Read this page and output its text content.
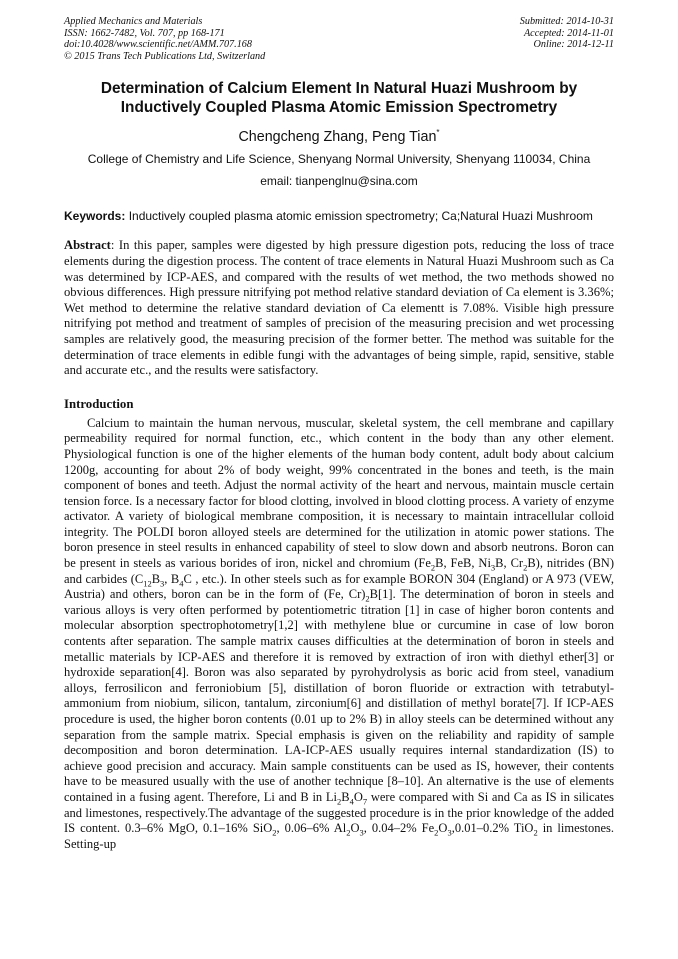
Applied Mechanics and Materials
ISSN: 1662-7482, Vol. 707, pp 168-171
doi:10.4028/www.scientific.net/AMM.707.168
© 2015 Trans Tech Publications Ltd, Switzerland
Submitted: 2014-10-31
Accepted: 2014-11-01
Online: 2014-12-11
Determination of Calcium Element In Natural Huazi Mushroom by
Inductively Coupled Plasma Atomic Emission Spectrometry
Chengcheng Zhang, Peng Tian*
College of Chemistry and Life Science, Shenyang Normal University, Shenyang 110034, China
email: tianpenglnu@sina.com
Keywords: Inductively coupled plasma atomic emission spectrometry; Ca;Natural Huazi Mushroom
Abstract: In this paper, samples were digested by high pressure digestion pots, reducing the loss of trace elements during the digestion process. The content of trace elements in Natural Huazi Mushroom such as Ca was determined by ICP-AES, and compared with the results of wet method, the two methods showed no obvious differences. High pressure nitrifying pot method relative standard deviation of Ca element is 3.36%; Wet method to determine the relative standard deviation of Ca elementt is 7.08%. Visible high pressure nitrifying pot method and treatment of samples of precision of the measuring precision and wet processing samples are relatively good, the measuring precision of the former better. The method was suitable for the determination of trace elements in edible fungi with the advantages of being simple, rapid, sensitive, stable and accurate etc., and the results were satisfactory.
Introduction
Calcium to maintain the human nervous, muscular, skeletal system, the cell membrane and capillary permeability required for normal function, etc., which content in the body than any other element. Physiological function is one of the higher elements of the human body content, adult body about calcium 1200g, accounting for about 2% of body weight, 99% concentrated in the bones and teeth, is the main component of bones and teeth. Adjust the normal activity of the heart and nervous, maintain muscle certain tension force. Is a necessary factor for blood clotting, involved in blood clotting process. A variety of enzyme activator. A variety of biological membrane composition, it is necessary to maintain intracellular colloid integrity. The POLDI boron alloyed steels are determined for the utilization in atomic power stations. The boron presence in steel results in enhanced capability of steel to slow down and absorb neutrons. Boron can be present in steels as various borides of iron, nickel and chromium ($Fe_2B$, FeB, $Ni_3B$, $Cr_2B$), nitrides (BN) and carbides ($C_{12}B_3$, $B_4C$ , etc.). In other steels such as for example BORON 304 (England) or A 973 (VEW, Austria) and others, boron can be in the form of (Fe, $Cr)_2B[1]$. The determination of boron in steels and various alloys is very often performed by potentiometric titration [1] in case of higher boron contents and molecular absorption spectrophotometry[1,2] with methylene blue or curcumine in case of low boron contents after separation. The sample matrix causes difficulties at the determination of boron in steels and metallic materials by ICP-AES and therefore it is removed by extraction of iron with diethyl ether[3] or hydroxide separation[4]. Boron was also separated by pyrohydrolysis as boric acid from steel, vanadium alloys, ferrosilicon and ferroniobium [5], distillation of boron fluoride or extraction with tetrabutyl-ammonium from niobium, silicon, tantalum, zirconium[6] and distillation of methyl borate[7]. If ICP-AES procedure is used, the higher boron contents (0.01 up to 2% B) in alloy steels can be determined without any separation from the sample matrix. Special emphasis is given on the reliability and rapidity of sample decomposition and boron determination. LA-ICP-AES usually requires internal standardization (IS) to achieve good precision and accuracy. Main sample constituents can be used as IS, however, their contents have to be measured usually with the use of another technique [8–10]. An alternative is the use of elements contained in a fusing agent. Therefore, Li and B in $Li_2B_4O_7$ were compared with Si and Ca as IS in silicates and limestones, respectively.The advantage of the suggested procedure is in the prior knowledge of the added IS content. 0.3–6% MgO, 0.1–16% SiO$_2$, 0.06–6% $Al_2O_3$, 0.04–2% $Fe_2O_3,0.01-0.2\%$ TiO$_2$ in limestones. Setting-up
